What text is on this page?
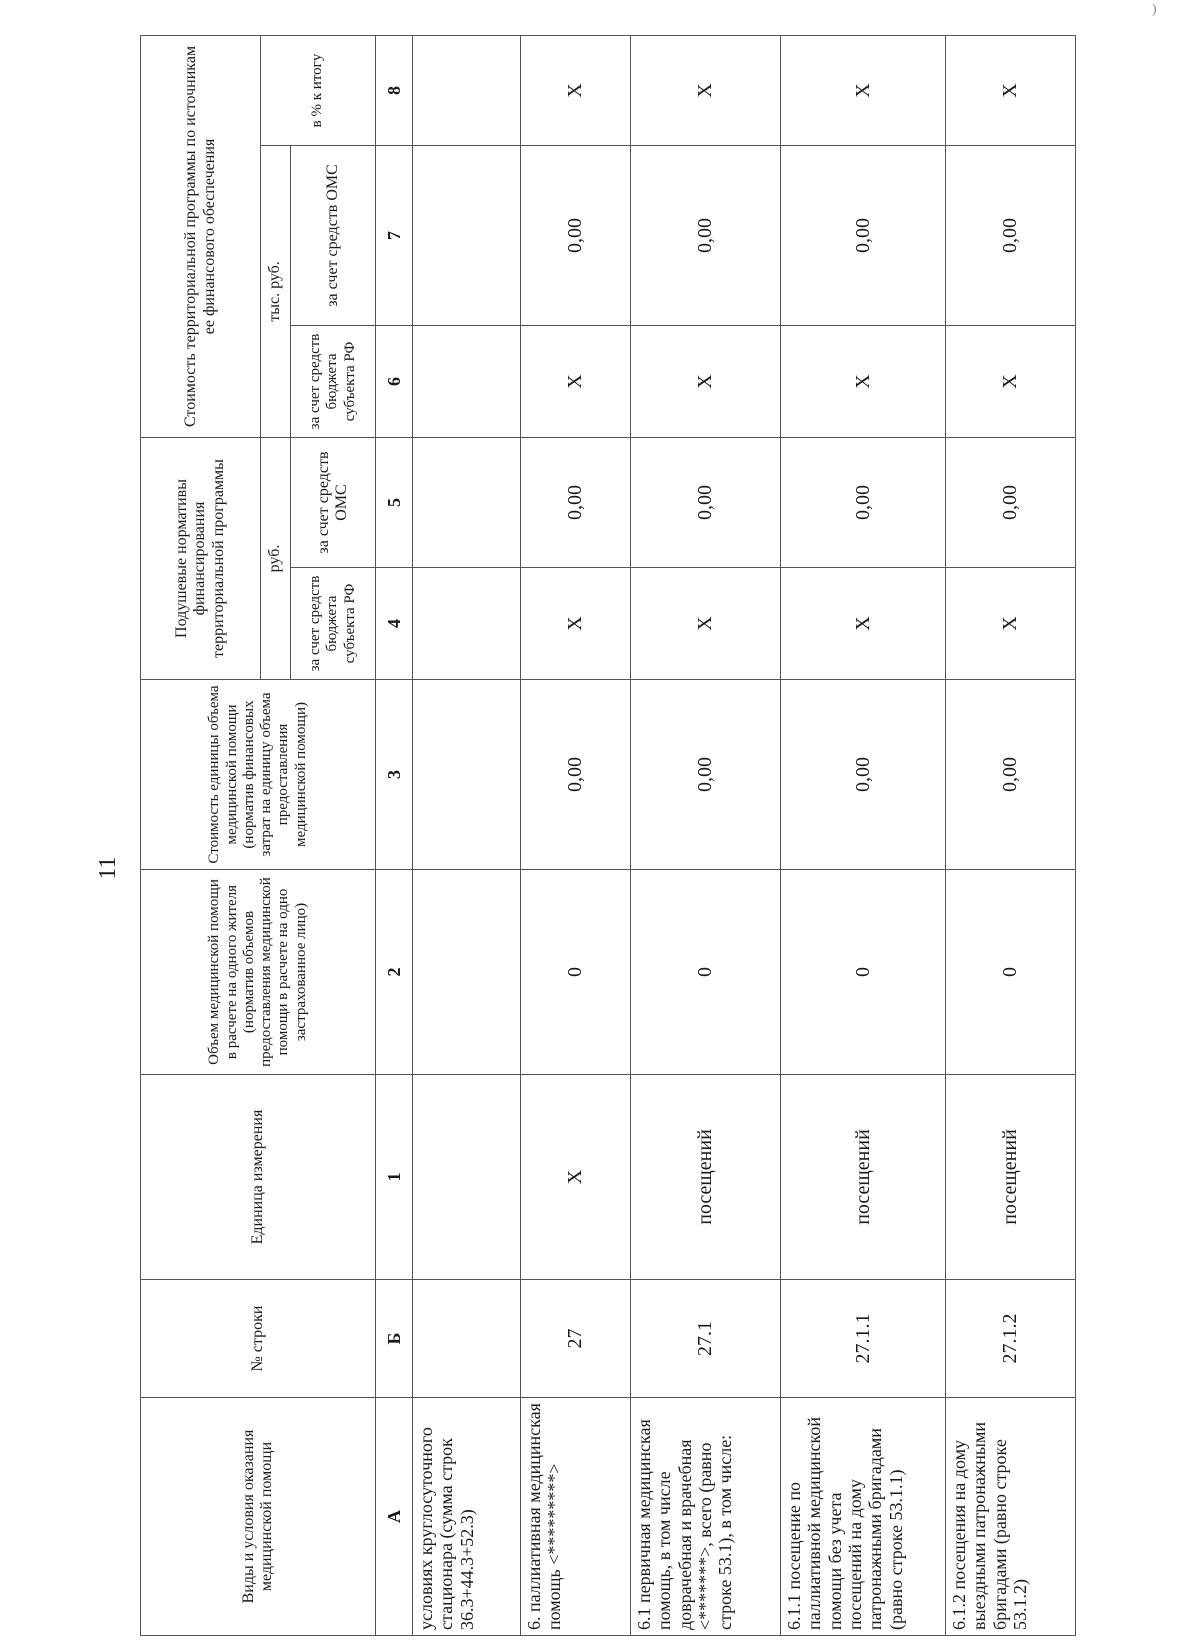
)
11
Виды и условия оказания медицинской помощи	№ строки	Единица измерения	Объем медицинской помощи в расчете на одного жителя (норматив объемов предоставления медицинской помощи в расчете на одно застрахованное лицо)	Стоимость единицы объема медицинской помощи (норматив финансовых затрат на единицу объема предоставления медицинской помощи)	Подушевые нормативы финансирования территориальной программы		Стоимость территориальной программы по источникам ее финансового обеспечения		
					руб.		тыс. руб.		в % к итогу
					за счет средств бюджета субъекта РФ	за счет средств ОМС	за счет средств бюджета субъекта РФ	за счет средств ОМС	
А	Б	1	2	3	4	5	6	7	8
условиях круглосуточного стационара (сумма строк 36.3+44.3+52.3)									
6. паллиативная медицинская помощь <*********>	27	X	0	0,00	X	0,00	X	0,00	X
6.1 первичная медицинская помощь, в том числе доврачебная и врачебная <*******>, всего (равно строке 53.1), в том числе:	27.1	посещений	0	0,00	X	0,00	X	0,00	X
6.1.1 посещение по паллиативной медицинской помощи без учета посещений на дому патронажными бригадами (равно строке 53.1.1)	27.1.1	посещений	0	0,00	X	0,00	X	0,00	X
6.1.2 посещения на дому выездными патронажными бригадами (равно строке 53.1.2)	27.1.2	посещений	0	0,00	X	0,00	X	0,00	X
